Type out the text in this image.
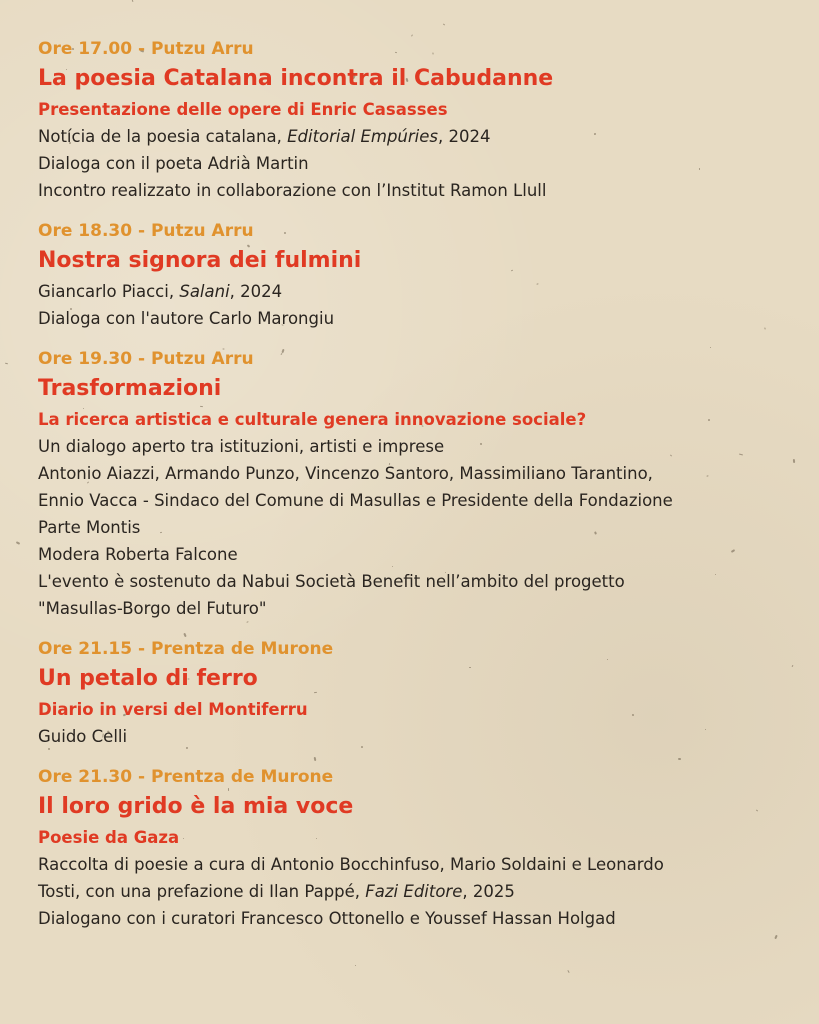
Ore 17.00 - Putzu Arru
La poesia Catalana incontra il Cabudanne
Presentazione delle opere di Enric Casasses
Notícia de la poesia catalana, Editorial Empúries, 2024
Dialoga con il poeta Adrià Martin
Incontro realizzato in collaborazione con l’Institut Ramon Llull
Ore 18.30 - Putzu Arru
Nostra signora dei fulmini
Giancarlo Piacci, Salani, 2024
Dialoga con l'autore Carlo Marongiu
Ore 19.30 - Putzu Arru
Trasformazioni
La ricerca artistica e culturale genera innovazione sociale?
Un dialogo aperto tra istituzioni, artisti e imprese
Antonio Aiazzi, Armando Punzo, Vincenzo Santoro, Massimiliano Tarantino,
Ennio Vacca - Sindaco del Comune di Masullas e Presidente della Fondazione
Parte Montis
Modera Roberta Falcone
L'evento è sostenuto da Nabui Società Benefit nell’ambito del progetto
"Masullas-Borgo del Futuro"
Ore 21.15 - Prentza de Murone
Un petalo di ferro
Diario in versi del Montiferru
Guido Celli
Ore 21.30 - Prentza de Murone
Il loro grido è la mia voce
Poesie da Gaza
Raccolta di poesie a cura di Antonio Bocchinfuso, Mario Soldaini e Leonardo
Tosti, con una prefazione di Ilan Pappé, Fazi Editore, 2025
Dialogano con i curatori Francesco Ottonello e Youssef Hassan Holgad
